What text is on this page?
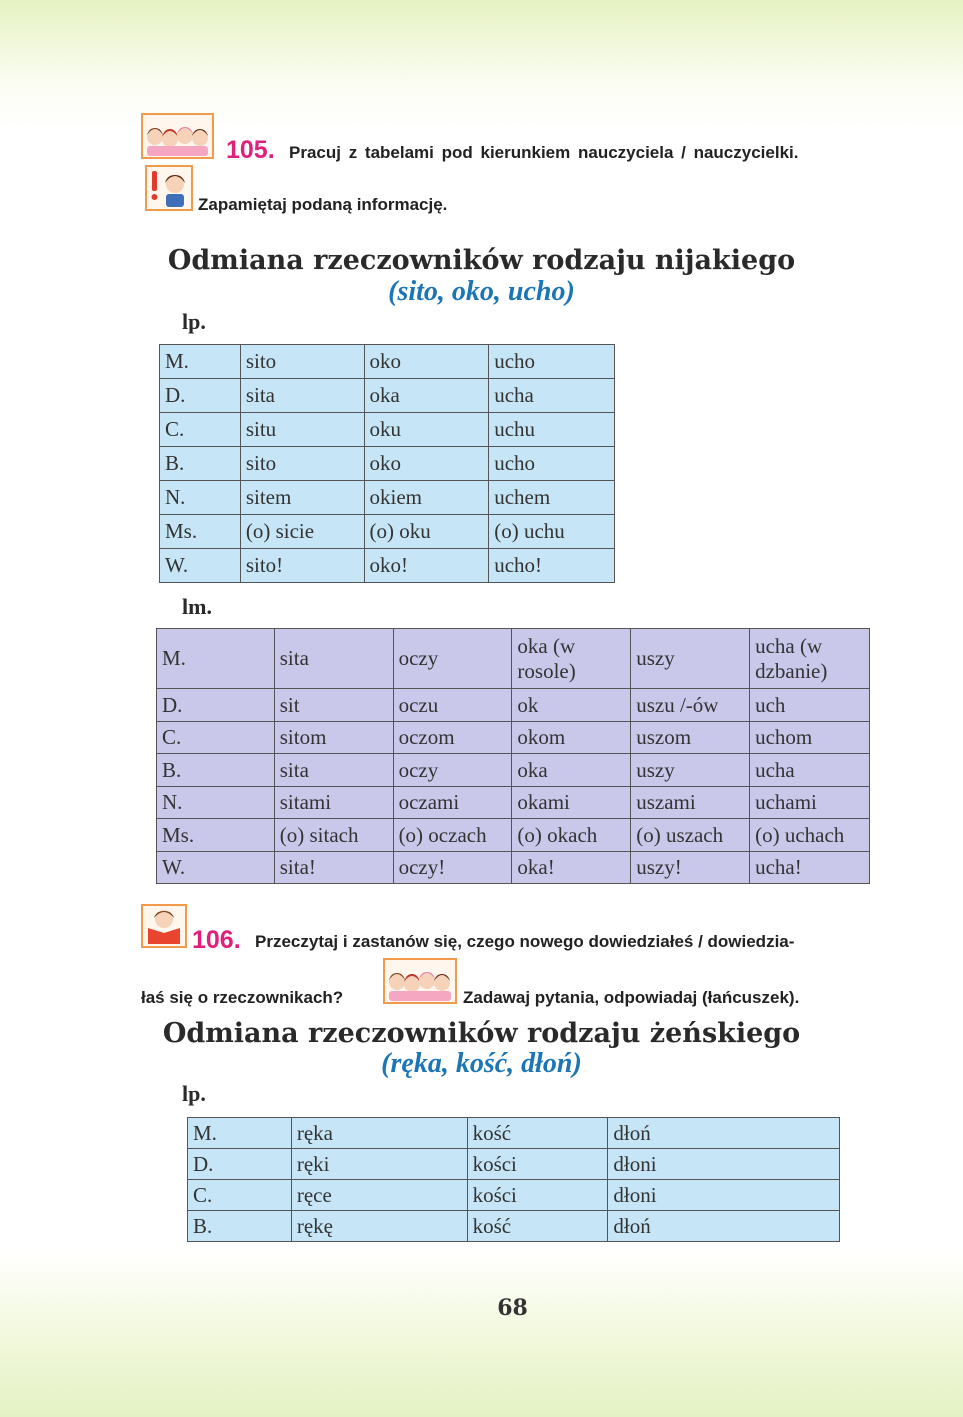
105. Pracuj z tabelami pod kierunkiem nauczyciela / nauczycielki.
Zapamiętaj podaną informację.
Odmiana rzeczowników rodzaju nijakiego
(sito, oko, ucho)
lp.
M.	sito	oko	ucho
D.	sita	oka	ucha
C.	situ	oku	uchu
B.	sito	oko	ucho
N.	sitem	okiem	uchem
Ms.	(o) sicie	(o) oku	(o) uchu
W.	sito!	oko!	ucho!
lm.
M.	sita	oczy	oka (w rosole)	uszy	ucha (w dzbanie)
D.	sit	oczu	ok	uszu /-ów	uch
C.	sitom	oczom	okom	uszom	uchom
B.	sita	oczy	oka	uszy	ucha
N.	sitami	oczami	okami	uszami	uchami
Ms.	(o) sitach	(o) oczach	(o) okach	(o) uszach	(o) uchach
W.	sita!	oczy!	oka!	uszy!	ucha!
106. Przeczytaj i zastanów się, czego nowego dowiedziałeś / dowiedzia-
łaś się o rzeczownikach?	Zadawaj pytania, odpowiadaj (łańcuszek).
Odmiana rzeczowników rodzaju żeńskiego
(ręka, kość, dłoń)
lp.
M.	ręka	kość	dłoń
D.	ręki	kości	dłoni
C.	ręce	kości	dłoni
B.	rękę	kość	dłoń
68
